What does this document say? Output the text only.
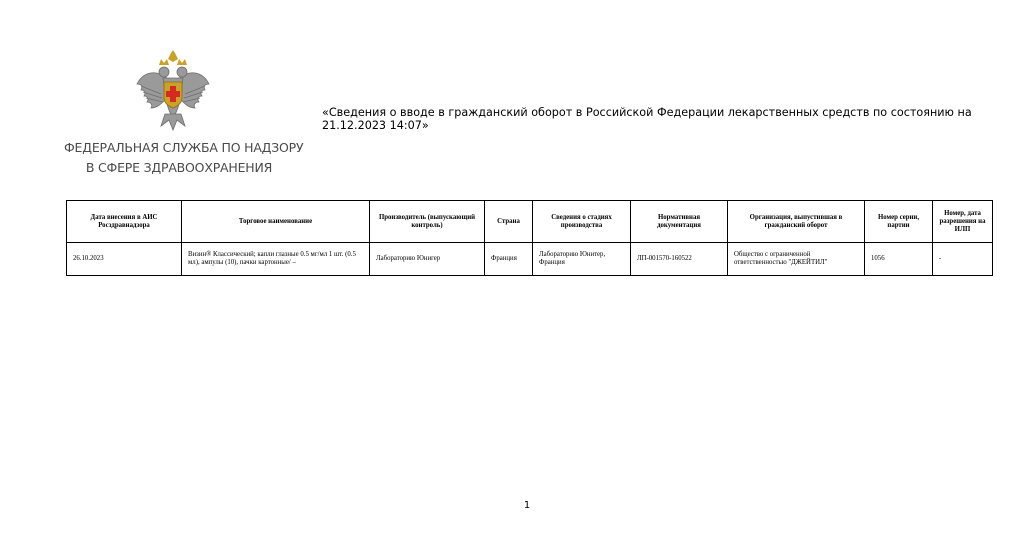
ФЕДЕРАЛЬНАЯ СЛУЖБА ПО НАДЗОРУ
В СФЕРЕ ЗДРАВООХРАНЕНИЯ
«Сведения о вводе в гражданский оборот в Российской Федерации лекарственных средств по состоянию на 21.12.2023 14:07»
Дата внесения в АИС Росздравнадзора	Торговое наименование	Производитель (выпускающий контроль)	Страна	Сведения о стадиях производства	Нормативная документация	Организация, выпустившая в гражданский оборот	Номер серии, партии	Номер, дата разрешения на ИЛП
26.10.2023	Визин® Классический; капли глазные 0.5 мг/мл 1 шт. (0.5 мл), ампулы (10), пачки картонные/ –	Лабораторию Юнигер	Франция	Лабораторию Юнитер, Франция	ЛП-001570-160522	Общество с ограниченной ответственностью "ДЖЕЙТИЛ"	1056	-
1
